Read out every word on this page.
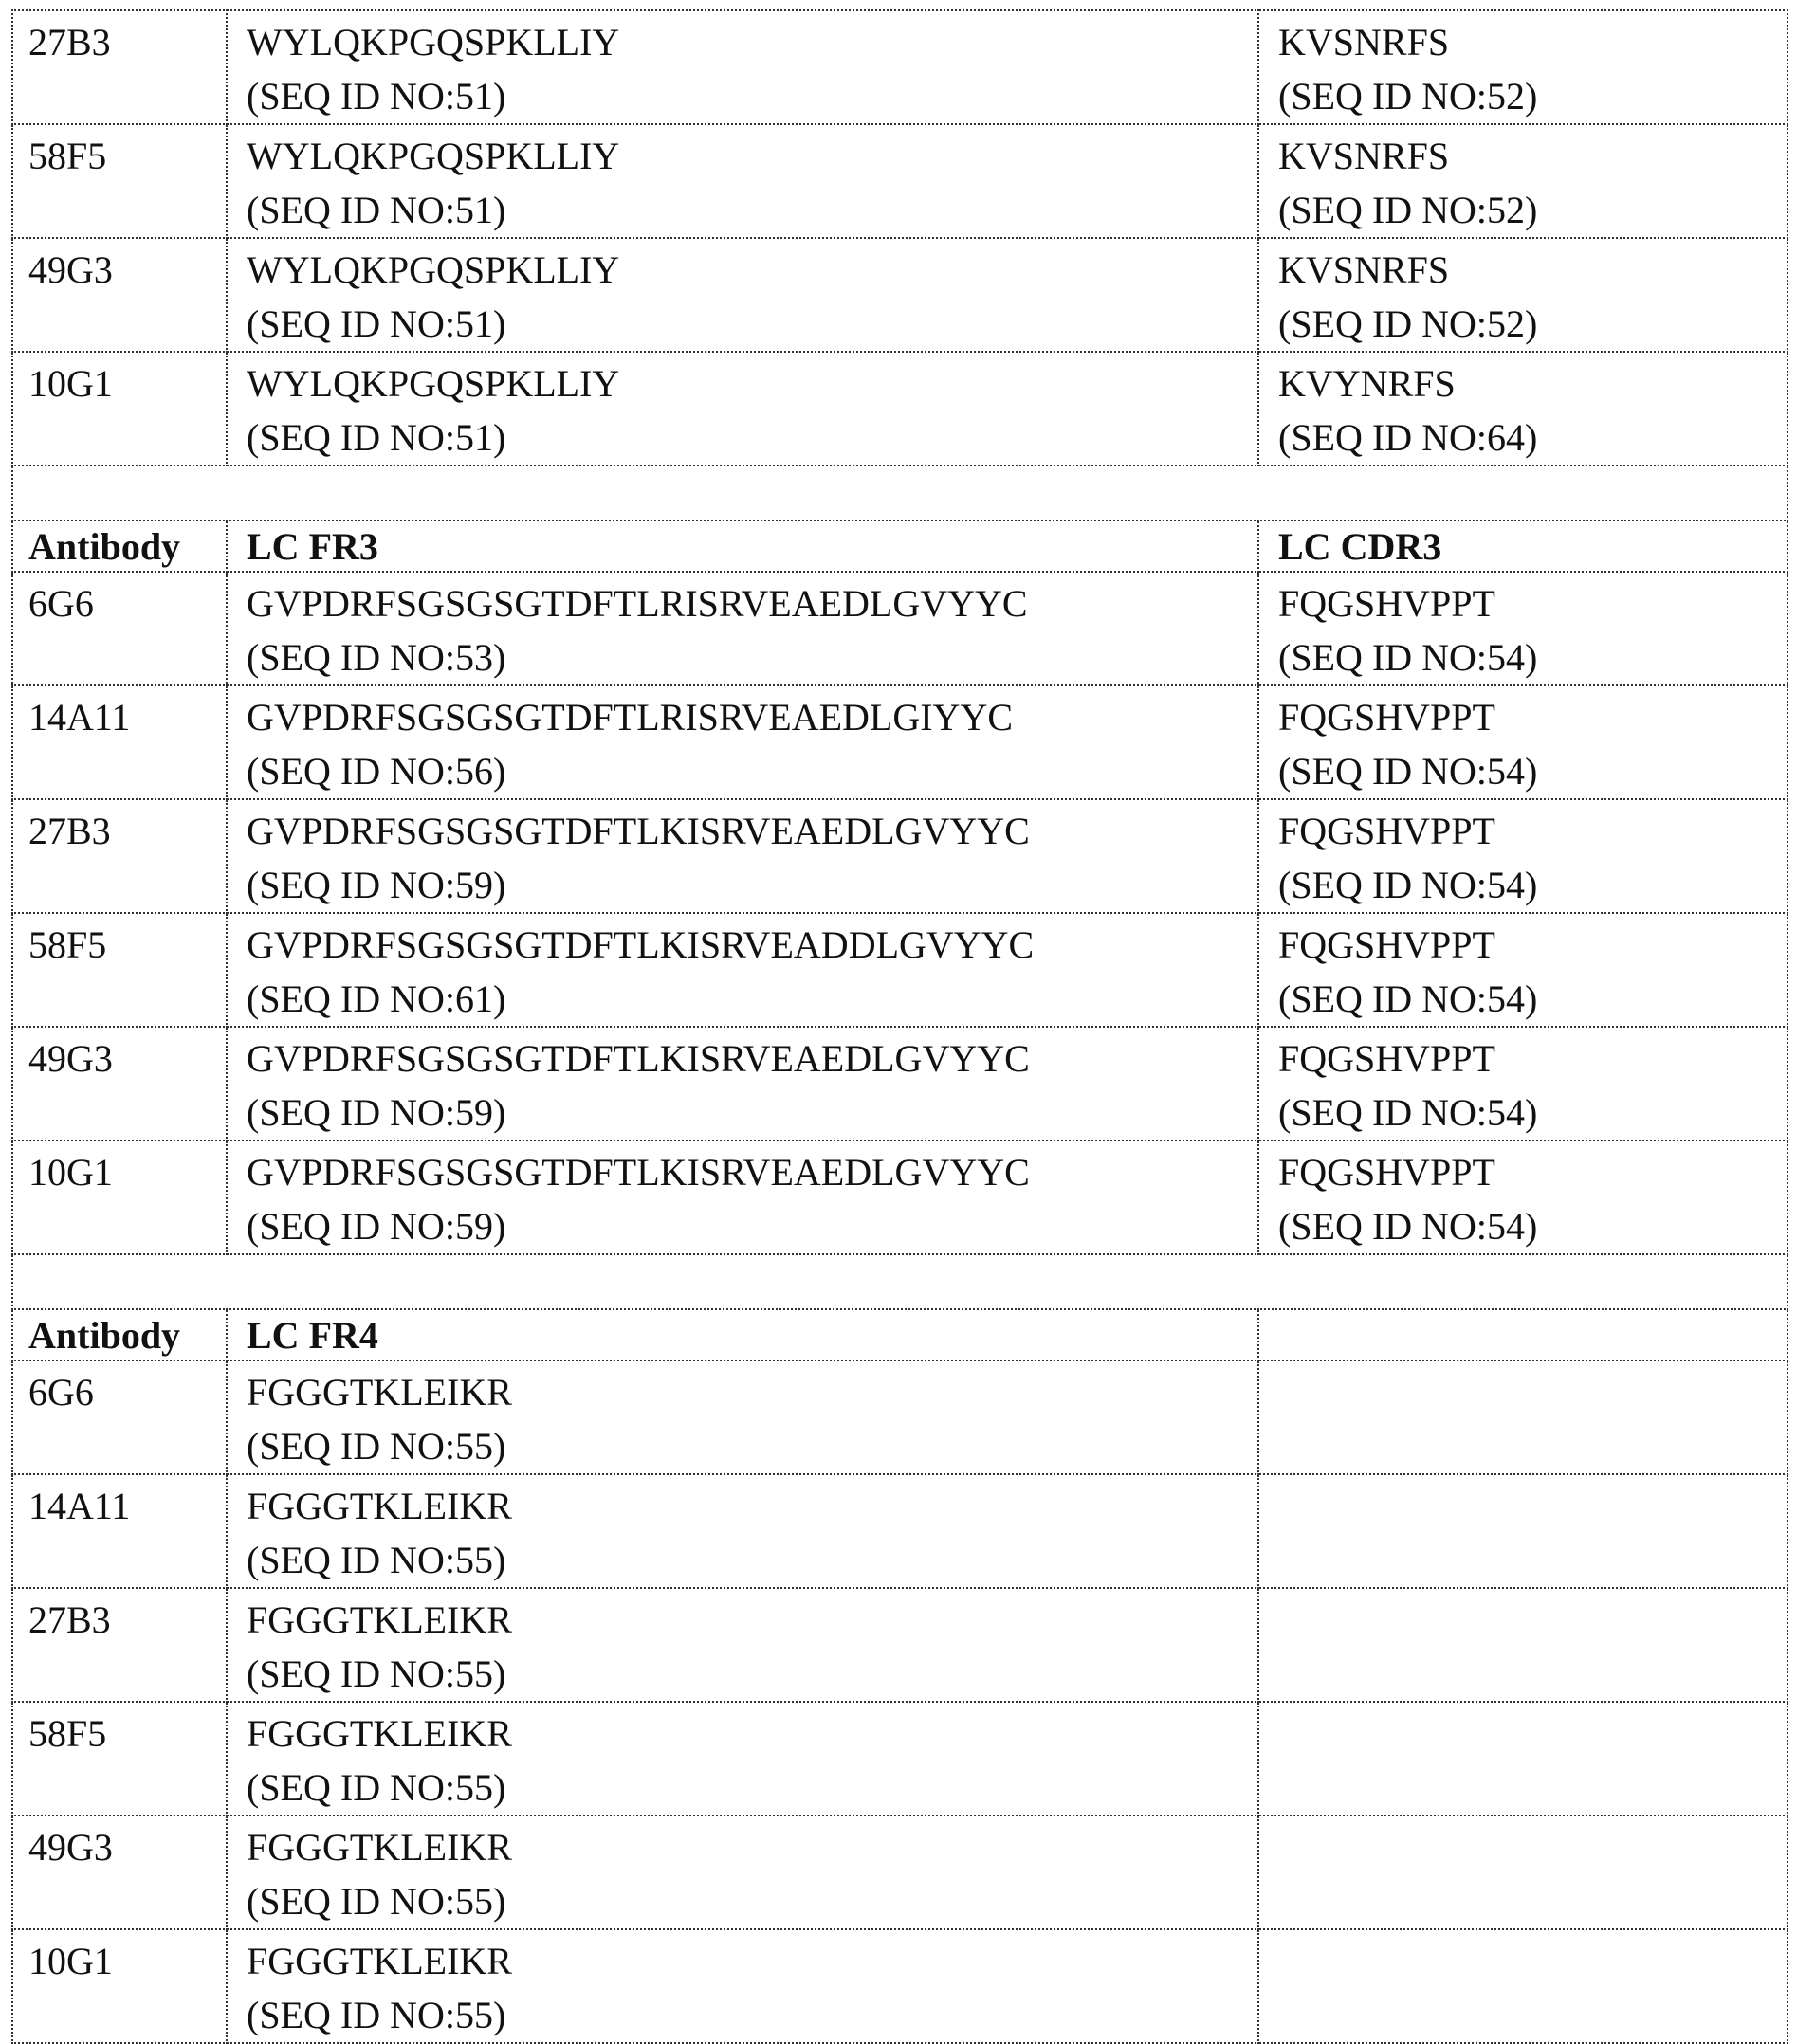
27B3	WYLQKPGQSPKLLIY
(SEQ ID NO:51)

KVSNRFS
(SEQ ID NO:52)

58F5	WYLQKPGQSPKLLIY
(SEQ ID NO:51)

KVSNRFS
(SEQ ID NO:52)

49G3	WYLQKPGQSPKLLIY
(SEQ ID NO:51)

KVSNRFS
(SEQ ID NO:52)

10G1	WYLQKPGQSPKLLIY
(SEQ ID NO:51)

KVYNRFS
(SEQ ID NO:64)

Antibody	LC FR3	LC CDR3
6G6	GVPDRFSGSGSGTDFTLRISRVEAEDLGVYYC
(SEQ ID NO:53)

FQGSHVPPT
(SEQ ID NO:54)

14A11	GVPDRFSGSGSGTDFTLRISRVEAEDLGIYYC
(SEQ ID NO:56)

FQGSHVPPT
(SEQ ID NO:54)

27B3	GVPDRFSGSGSGTDFTLKISRVEAEDLGVYYC
(SEQ ID NO:59)

FQGSHVPPT
(SEQ ID NO:54)

58F5	GVPDRFSGSGSGTDFTLKISRVEADDLGVYYC
(SEQ ID NO:61)

FQGSHVPPT
(SEQ ID NO:54)

49G3	GVPDRFSGSGSGTDFTLKISRVEAEDLGVYYC
(SEQ ID NO:59)

FQGSHVPPT
(SEQ ID NO:54)

10G1	GVPDRFSGSGSGTDFTLKISRVEAEDLGVYYC
(SEQ ID NO:59)

FQGSHVPPT
(SEQ ID NO:54)

Antibody	LC FR4	
6G6	FGGGTKLEIKR
(SEQ ID NO:55)

14A11	FGGGTKLEIKR
(SEQ ID NO:55)

27B3	FGGGTKLEIKR
(SEQ ID NO:55)

58F5	FGGGTKLEIKR
(SEQ ID NO:55)

49G3	FGGGTKLEIKR
(SEQ ID NO:55)

10G1	FGGGTKLEIKR
(SEQ ID NO:55)
